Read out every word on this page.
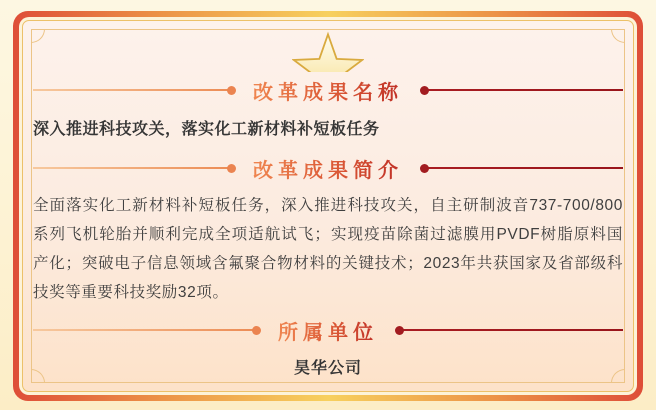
改革成果名称
深入推进科技攻关，落实化工新材料补短板任务
改革成果简介

全面落实化工新材料补短板任务，深入推进科技攻关，自主研制波音737-700/800系列飞机轮胎并顺利完成全项适航试飞；实现疫苗除菌过滤膜用PVDF树脂原料国产化；突破电子信息领域含氟聚合物材料的关键技术；2023年共获国家及省部级科技奖等重要科技奖励32项。

所属单位
昊华公司
